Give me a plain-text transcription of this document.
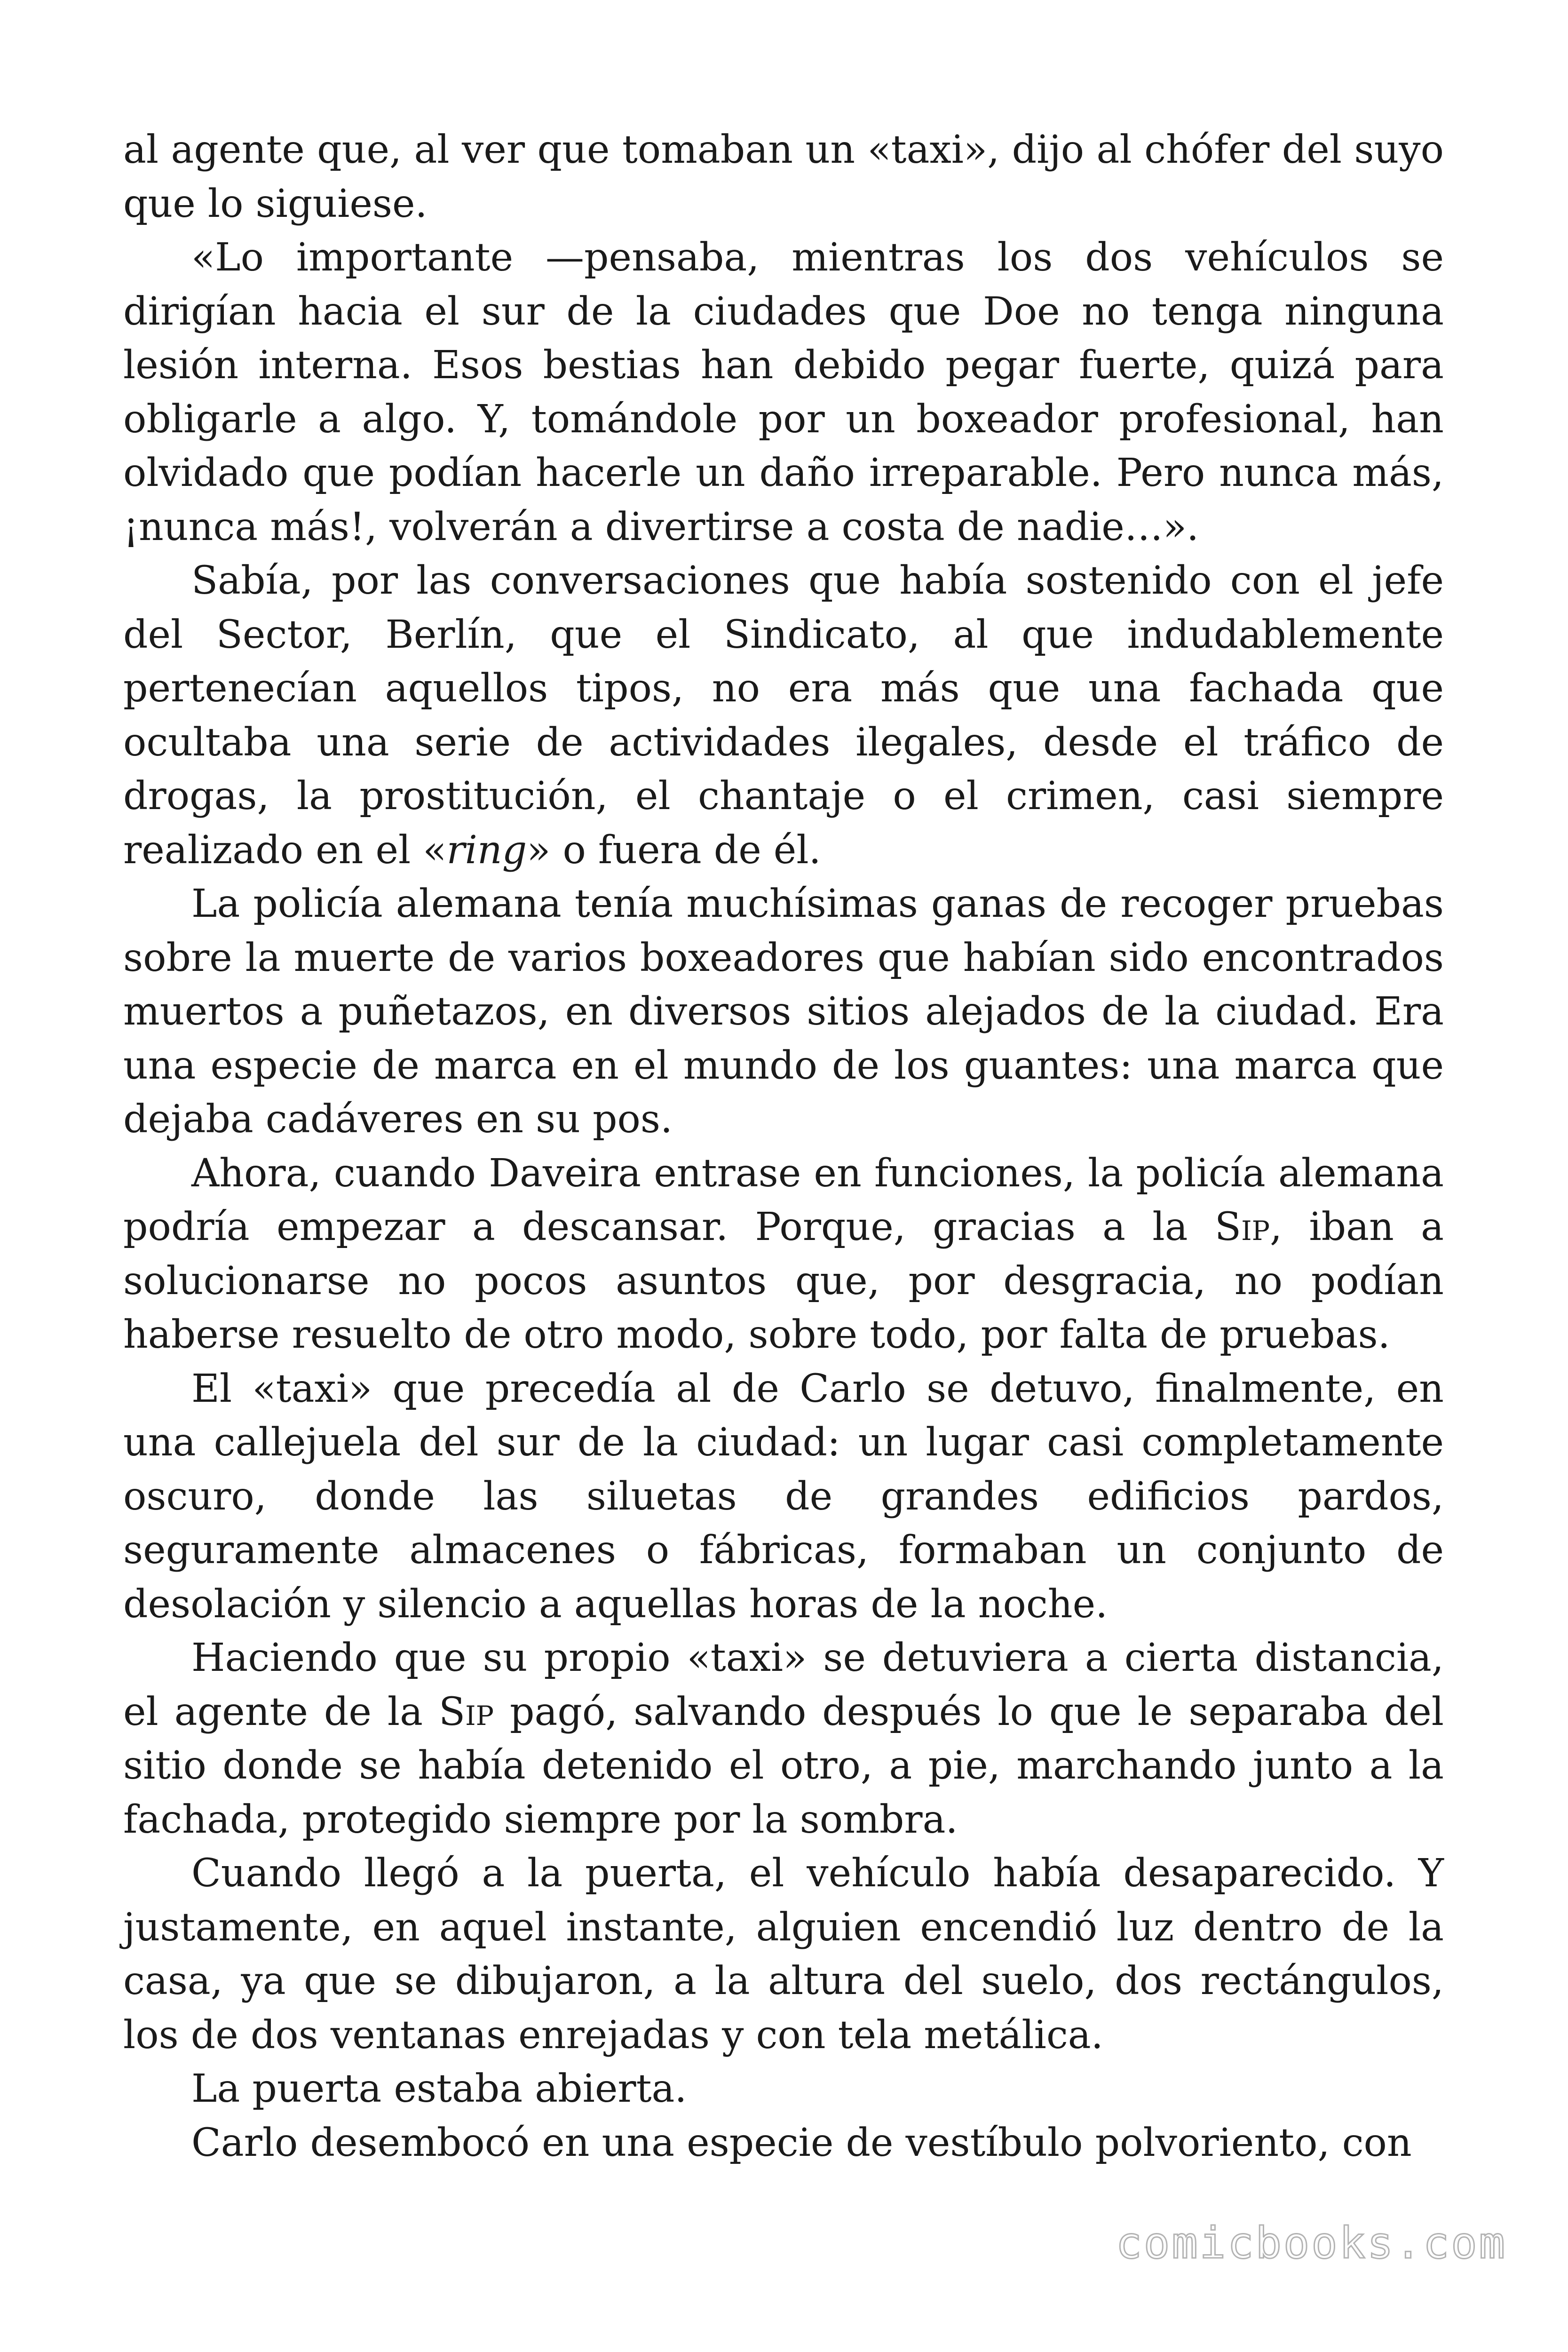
al agente que, al ver que tomaban un «taxi», dijo al chófer del suyo que lo siguiese.

«Lo importante —pensaba, mientras los dos vehículos se dirigían hacia el sur de la ciudades que Doe no tenga ninguna lesión interna. Esos bestias han debido pegar fuerte, quizá para obligarle a algo. Y, tomándole por un boxeador profesional, han olvidado que podían hacerle un daño irreparable. Pero nunca más, ¡nunca más!, volverán a divertirse a costa de nadie…».

Sabía, por las conversaciones que había sostenido con el jefe del Sector, Berlín, que el Sindicato, al que indudablemente pertenecían aquellos tipos, no era más que una fachada que ocultaba una serie de actividades ilegales, desde el tráfico de drogas, la prostitución, el chantaje o el crimen, casi siempre realizado en el «ring» o fuera de él.

La policía alemana tenía muchísimas ganas de recoger pruebas sobre la muerte de varios boxeadores que habían sido encontrados muertos a puñetazos, en diversos sitios alejados de la ciudad. Era una especie de marca en el mundo de los guantes: una marca que dejaba cadáveres en su pos.

Ahora, cuando Daveira entrase en funciones, la policía alemana podría empezar a descansar. Porque, gracias a la Sip, iban a solucionarse no pocos asuntos que, por desgracia, no podían haberse resuelto de otro modo, sobre todo, por falta de pruebas.

El «taxi» que precedía al de Carlo se detuvo, finalmente, en una callejuela del sur de la ciudad: un lugar casi completamente oscuro, donde las siluetas de grandes edificios pardos, seguramente almacenes o fábricas, formaban un conjunto de desolación y silencio a aquellas horas de la noche.

Haciendo que su propio «taxi» se detuviera a cierta distancia, el agente de la Sip pagó, salvando después lo que le separaba del sitio donde se había detenido el otro, a pie, marchando junto a la fachada, protegido siempre por la sombra.

Cuando llegó a la puerta, el vehículo había desaparecido. Y justamente, en aquel instante, alguien encendió luz dentro de la casa, ya que se dibujaron, a la altura del suelo, dos rectángulos, los de dos ventanas enrejadas y con tela metálica.

La puerta estaba abierta.

Carlo desembocó en una especie de vestíbulo polvoriento, con

comicbooks.com
